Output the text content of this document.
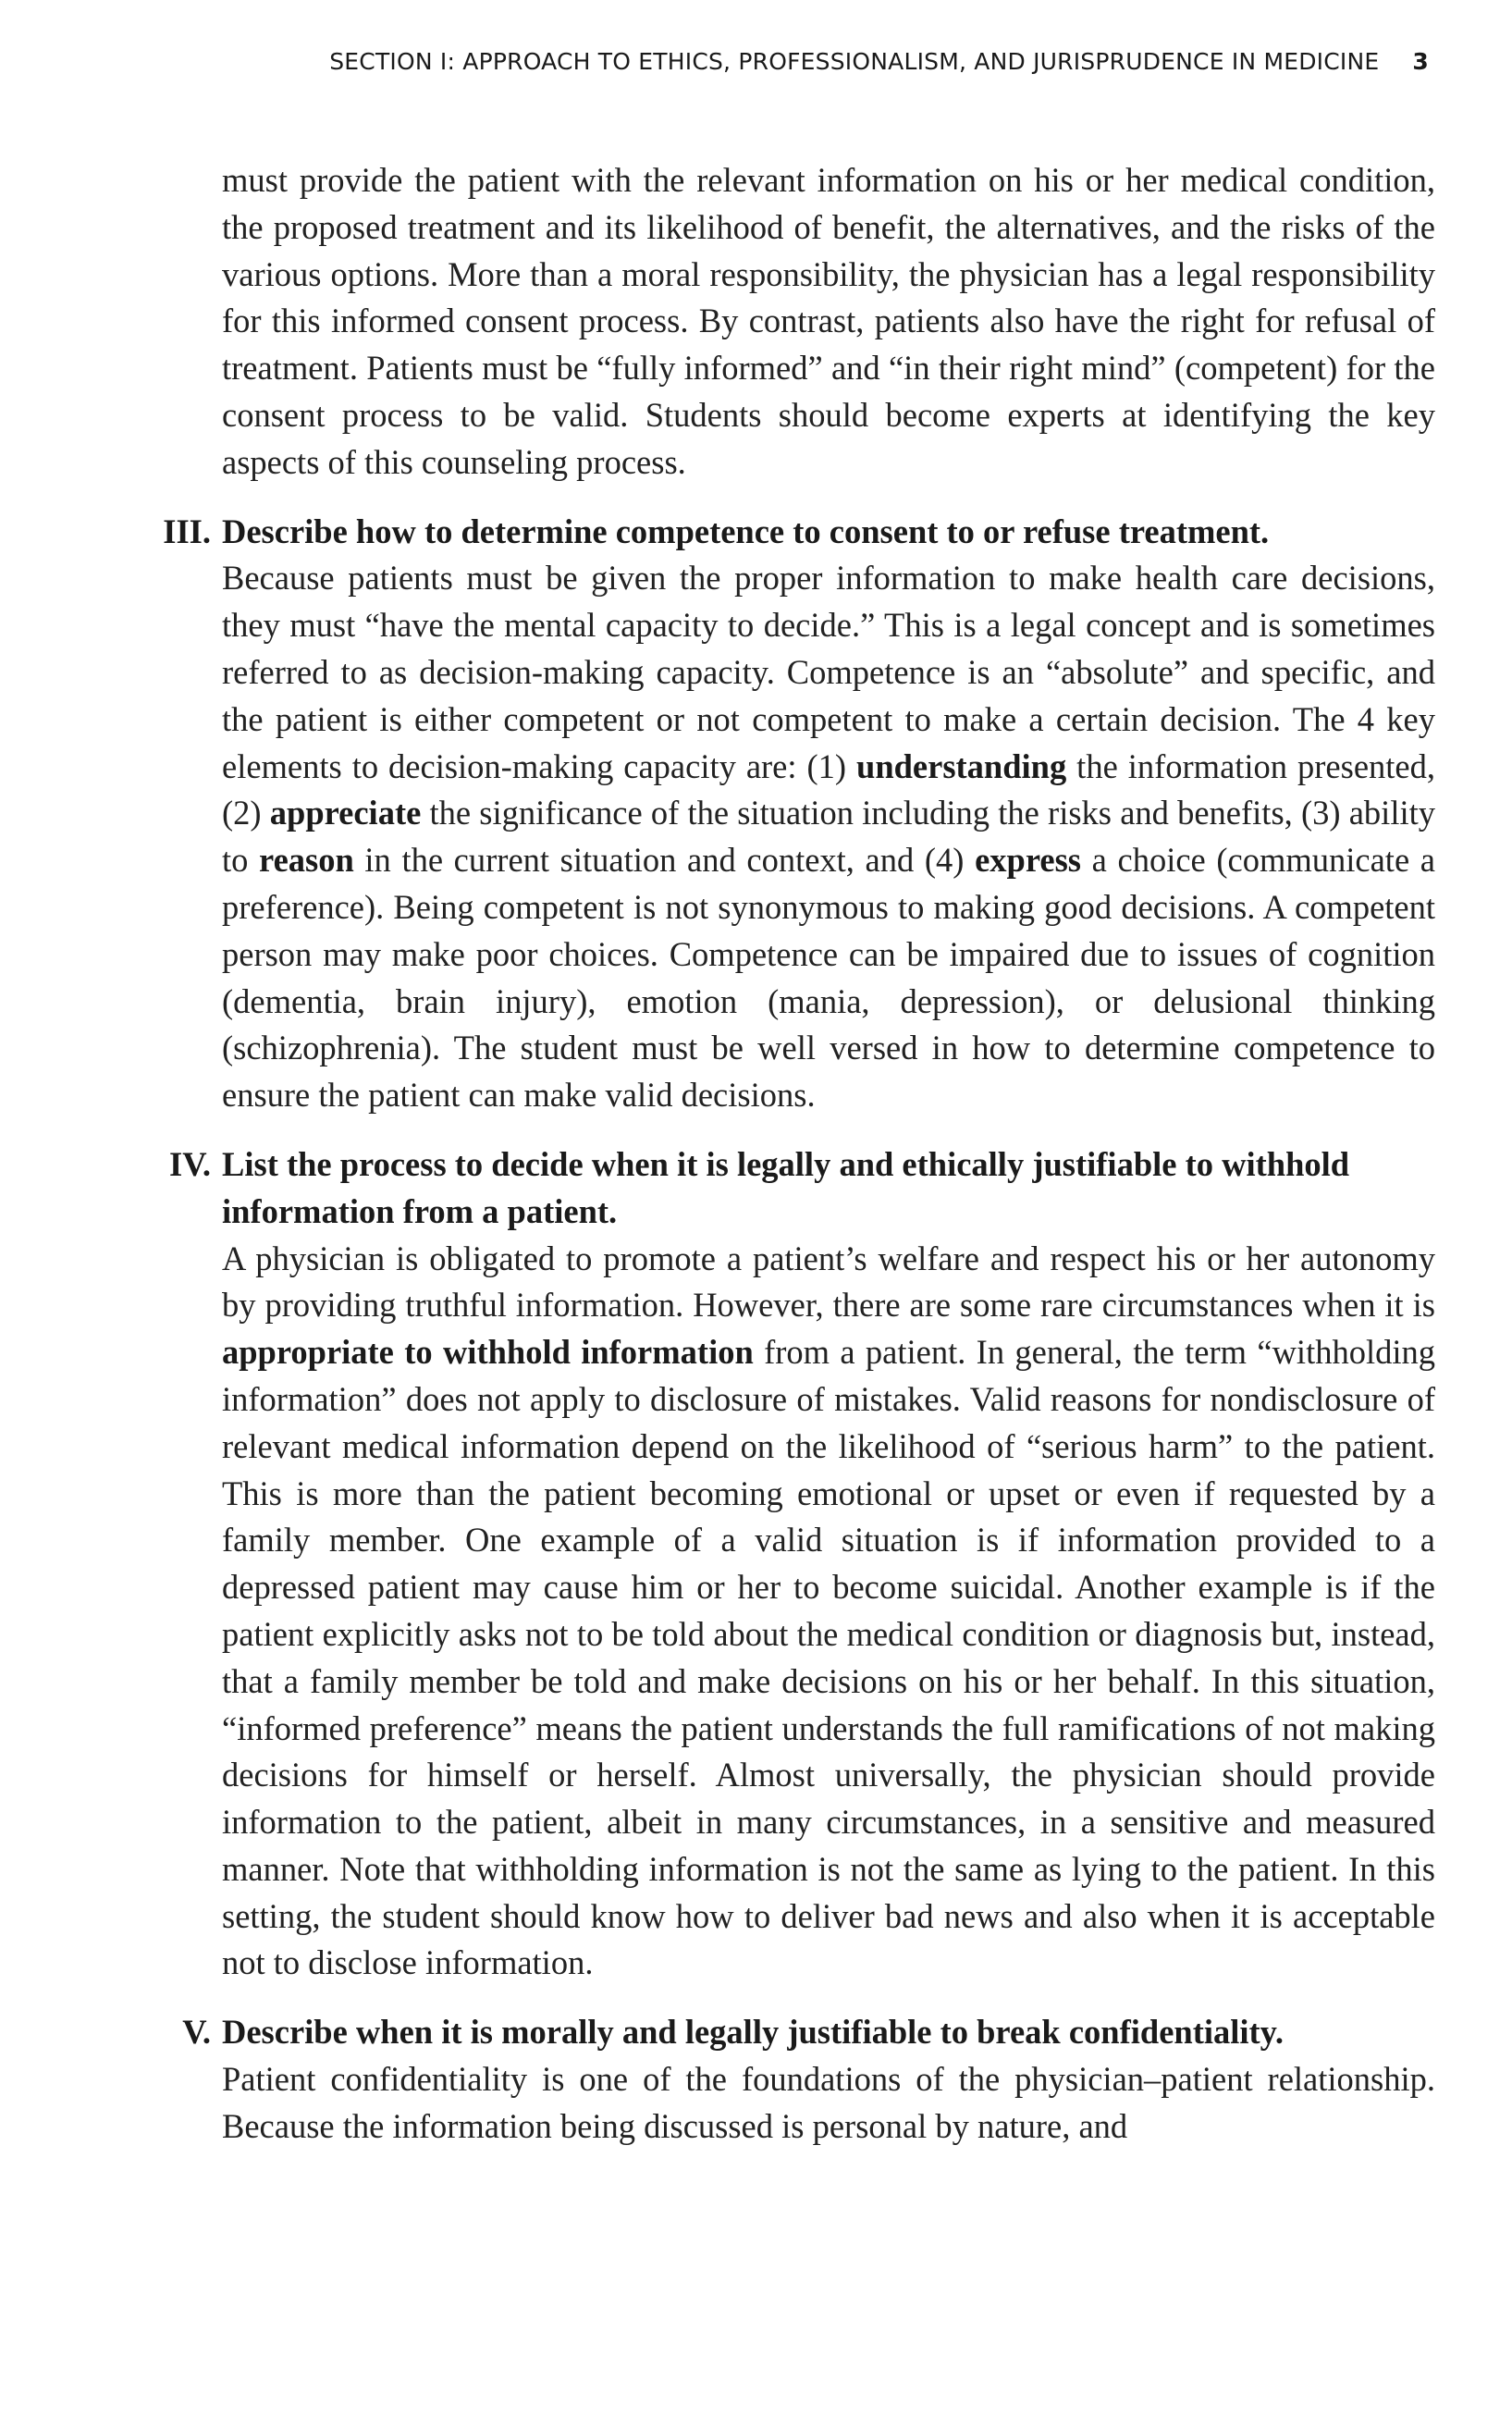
SECTION I: APPROACH TO ETHICS, PROFESSIONALISM, AND JURISPRUDENCE IN MEDICINE 3

must provide the patient with the relevant information on his or her medical condition, the proposed treatment and its likelihood of benefit, the alternatives, and the risks of the various options. More than a moral responsibility, the physician has a legal responsibility for this informed consent process. By contrast, patients also have the right for refusal of treatment. Patients must be “fully informed” and “in their right mind” (competent) for the consent process to be valid. Students should become experts at identifying the key aspects of this counseling process.

III. Describe how to determine competence to consent to or refuse treatment.

Because patients must be given the proper information to make health care decisions, they must “have the mental capacity to decide.” This is a legal concept and is sometimes referred to as decision-making capacity. Competence is an “absolute” and specific, and the patient is either competent or not competent to make a certain decision. The 4 key elements to decision-making capacity are: (1) understanding the information presented, (2) appreciate the significance of the situation including the risks and benefits, (3) ability to reason in the current situation and context, and (4) express a choice (communicate a preference). Being competent is not synonymous to making good decisions. A competent person may make poor choices. Competence can be impaired due to issues of cognition (dementia, brain injury), emotion (mania, depression), or delusional thinking (schizophrenia). The student must be well versed in how to determine competence to ensure the patient can make valid decisions.

IV. List the process to decide when it is legally and ethically justifiable to withhold information from a patient.

A physician is obligated to promote a patient’s welfare and respect his or her autonomy by providing truthful information. However, there are some rare circumstances when it is appropriate to withhold information from a patient. In general, the term “withholding information” does not apply to disclosure of mistakes. Valid reasons for nondisclosure of relevant medical information depend on the likelihood of “serious harm” to the patient. This is more than the patient becoming emotional or upset or even if requested by a family member. One example of a valid situation is if information provided to a depressed patient may cause him or her to become suicidal. Another example is if the patient explicitly asks not to be told about the medical condition or diagnosis but, instead, that a family member be told and make decisions on his or her behalf. In this situation, “informed preference” means the patient understands the full ramifications of not making decisions for himself or herself. Almost universally, the physician should provide information to the patient, albeit in many circumstances, in a sensitive and measured manner. Note that withholding information is not the same as lying to the patient. In this setting, the student should know how to deliver bad news and also when it is acceptable not to disclose information.

V. Describe when it is morally and legally justifiable to break confidentiality.

Patient confidentiality is one of the foundations of the physician–patient relationship. Because the information being discussed is personal by nature, and
